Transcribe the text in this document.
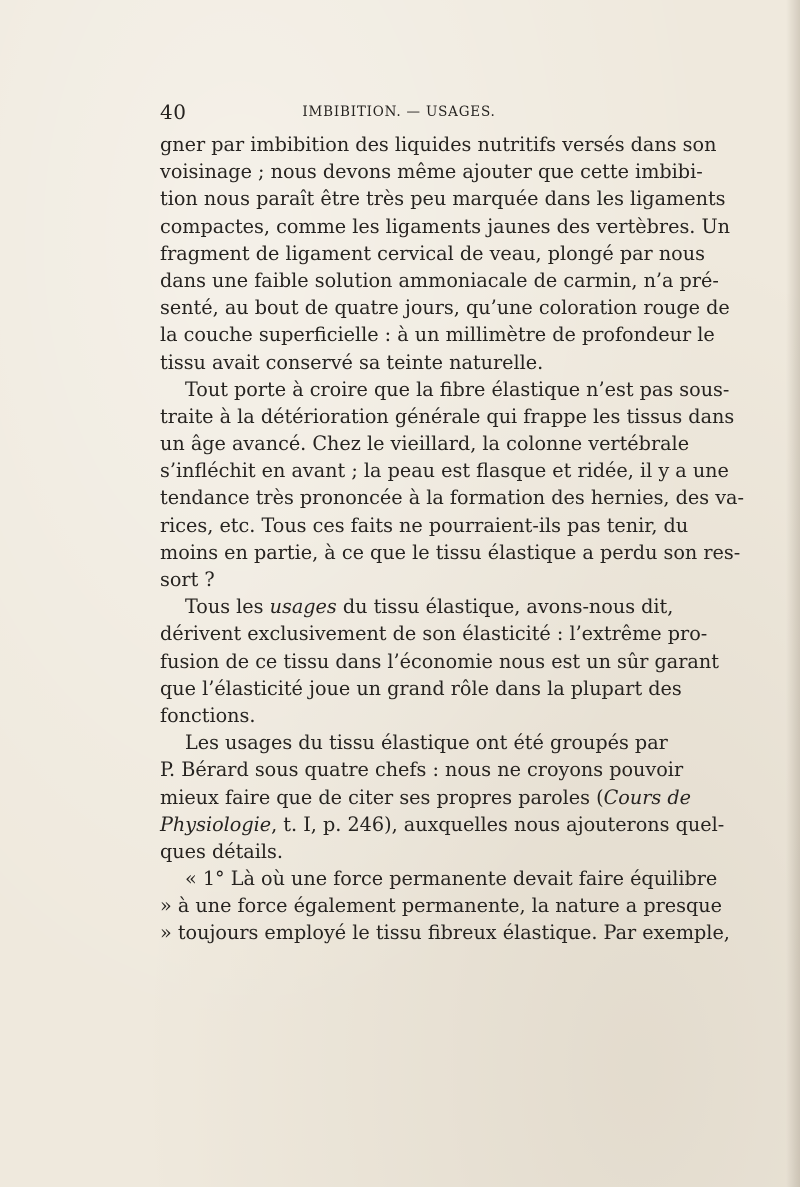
40	IMBIBITION. — USAGES.
gner par imbibition des liquides nutritifs versés dans son
voisinage ; nous devons même ajouter que cette imbibi-
tion nous paraît être très peu marquée dans les ligaments
compactes, comme les ligaments jaunes des vertèbres. Un
fragment de ligament cervical de veau, plongé par nous
dans une faible solution ammoniacale de carmin, n’a pré-
senté, au bout de quatre jours, qu’une coloration rouge de
la couche superficielle : à un millimètre de profondeur le
tissu avait conservé sa teinte naturelle.
Tout porte à croire que la fibre élastique n’est pas sous-
traite à la détérioration générale qui frappe les tissus dans
un âge avancé. Chez le vieillard, la colonne vertébrale
s’infléchit en avant ; la peau est flasque et ridée, il y a une
tendance très prononcée à la formation des hernies, des va-
rices, etc. Tous ces faits ne pourraient-ils pas tenir, du
moins en partie, à ce que le tissu élastique a perdu son res-
sort ?
Tous les usages du tissu élastique, avons-nous dit,
dérivent exclusivement de son élasticité : l’extrême pro-
fusion de ce tissu dans l’économie nous est un sûr garant
que l’élasticité joue un grand rôle dans la plupart des
fonctions.
Les usages du tissu élastique ont été groupés par
P. Bérard sous quatre chefs : nous ne croyons pouvoir
mieux faire que de citer ses propres paroles (Cours de
Physiologie, t. I, p. 246), auxquelles nous ajouterons quel-
ques détails.
« 1° Là où une force permanente devait faire équilibre
» à une force également permanente, la nature a presque
» toujours employé le tissu fibreux élastique. Par exemple,
